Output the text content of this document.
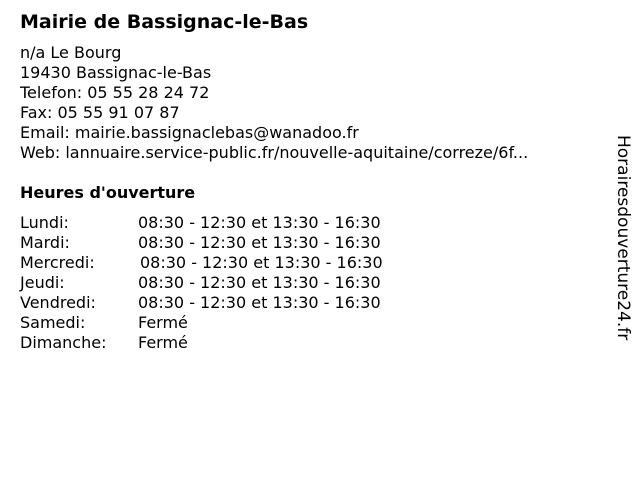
Mairie de Bassignac-le-Bas
n/a Le Bourg
19430 Bassignac-le-Bas
Telefon: 05 55 28 24 72
Fax: 05 55 91 07 87
Email: mairie.bassignaclebas@wanadoo.fr
Web: lannuaire.service-public.fr/nouvelle-aquitaine/correze/6f...
Heures d'ouverture
Lundi:	08:30 - 12:30 et 13:30 - 16:30
Mardi:	08:30 - 12:30 et 13:30 - 16:30
Mercredi:	08:30 - 12:30 et 13:30 - 16:30
Jeudi:	08:30 - 12:30 et 13:30 - 16:30
Vendredi:	08:30 - 12:30 et 13:30 - 16:30
Samedi:	Fermé
Dimanche: Fermé
Horairesdouverture24.fr
